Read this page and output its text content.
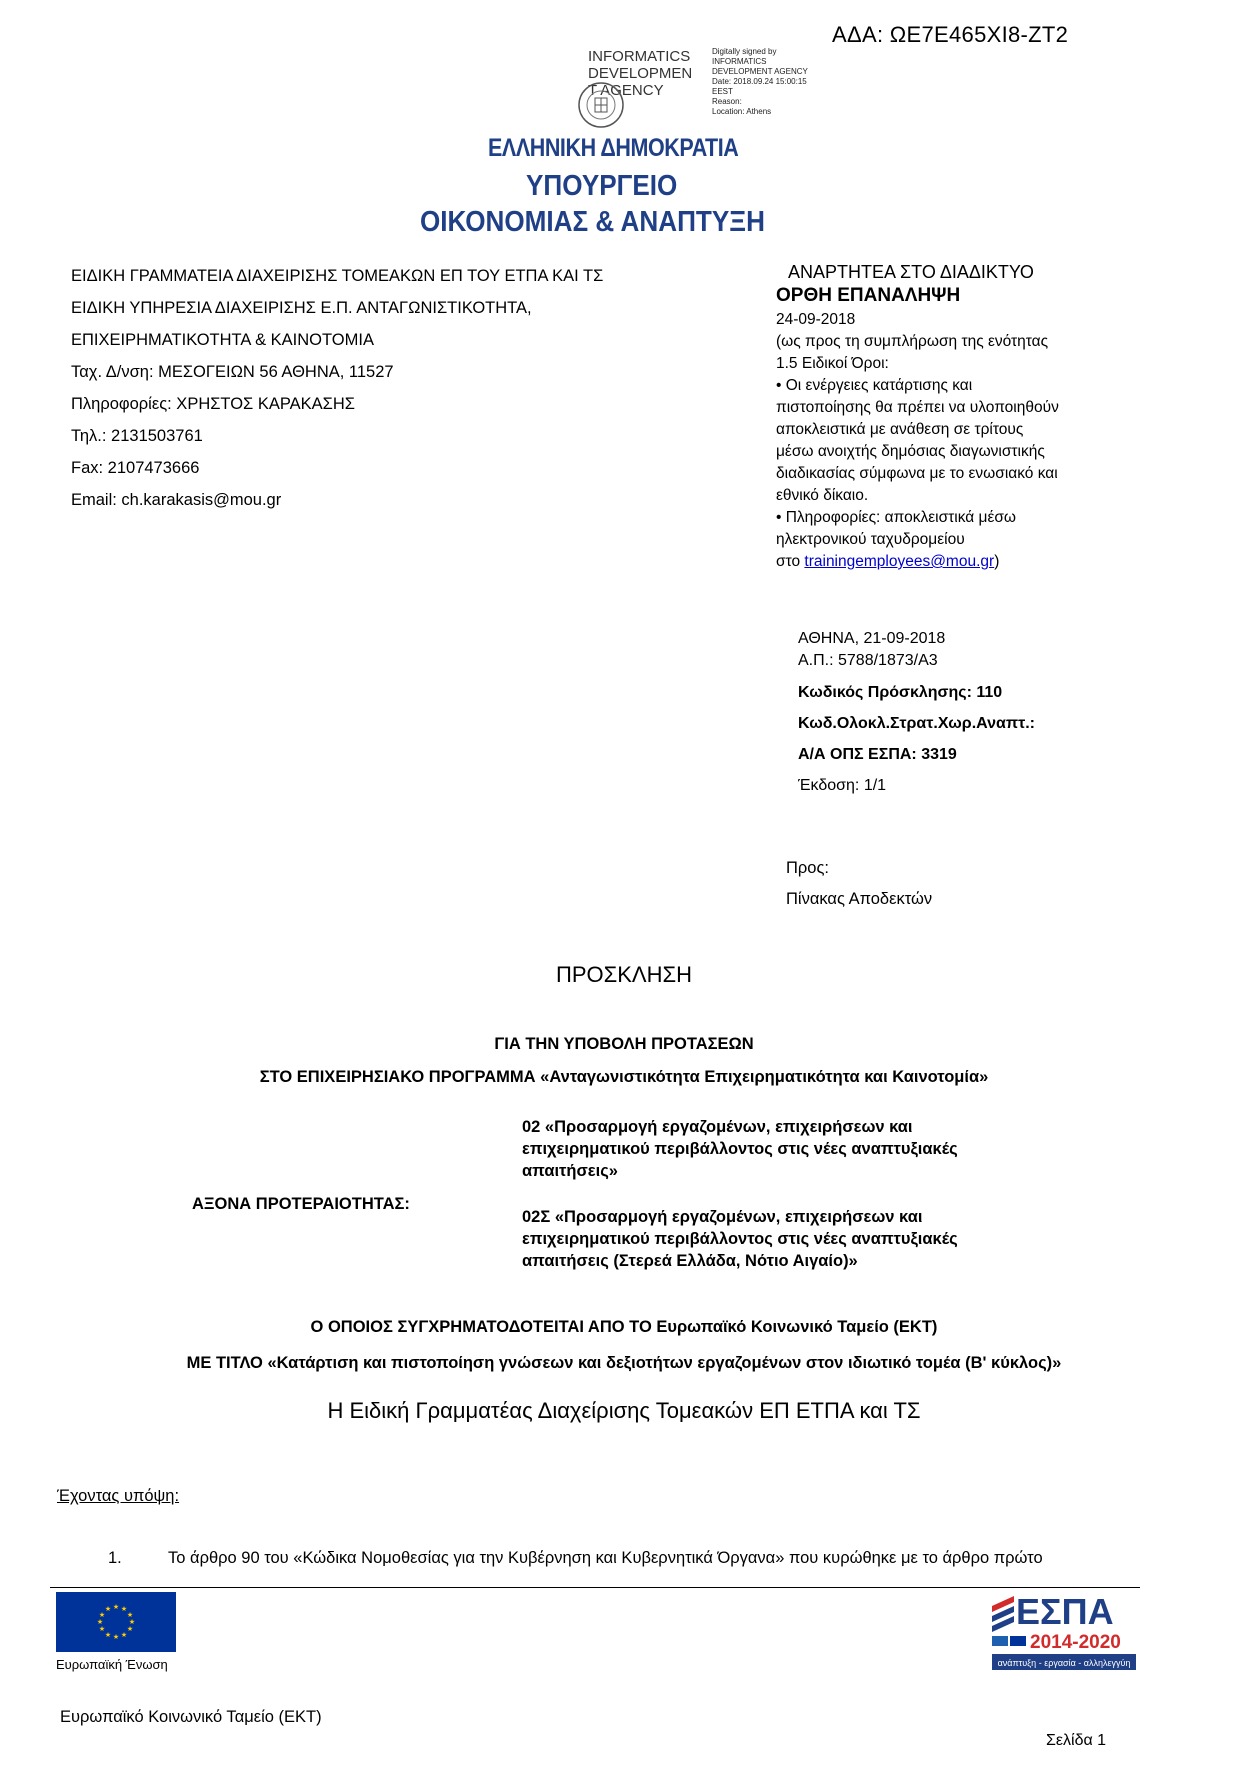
ΑΔΑ: ΩΕ7Ε465ΧΙ8-ΖΤ2
INFORMATICS
DEVELOPMEN
T AGENCY
Digitally signed by
INFORMATICS
DEVELOPMENT AGENCY
Date: 2018.09.24 15:00:15
EEST
Reason:
Location: Athens
ΕΛΛΗΝΙΚΗ ΔΗΜΟΚΡΑΤΙΑ
ΥΠΟΥΡΓΕΙΟ
ΟΙΚΟΝΟΜΙΑΣ & ΑΝΑΠΤΥΞΗ
ΕΙΔΙΚΗ ΓΡΑΜΜΑΤΕΙΑ ΔΙΑΧΕΙΡΙΣΗΣ ΤΟΜΕΑΚΩΝ ΕΠ ΤΟΥ ΕΤΠΑ ΚΑΙ ΤΣ
ΕΙΔΙΚΗ ΥΠΗΡΕΣΙΑ ΔΙΑΧΕΙΡΙΣΗΣ Ε.Π. ΑΝΤΑΓΩΝΙΣΤΙΚΟΤΗΤΑ,
ΕΠΙΧΕΙΡΗΜΑΤΙΚΟΤΗΤΑ & ΚΑΙΝΟΤΟΜΙΑ
Ταχ. Δ/νση: ΜΕΣΟΓΕΙΩΝ 56 ΑΘΗΝΑ, 11527
Πληροφορίες: ΧΡΗΣΤΟΣ ΚΑΡΑΚΑΣΗΣ
Τηλ.: 2131503761
Fax: 2107473666
Email: ch.karakasis@mou.gr
ΑΝΑΡΤΗΤΕΑ ΣΤΟ ΔΙΑΔΙΚΤΥΟ
ΟΡΘΗ ΕΠΑΝΑΛΗΨΗ
24-09-2018
(ως προς τη συμπλήρωση της ενότητας
1.5 Ειδικοί Όροι:
• Οι ενέργειες κατάρτισης και
πιστοποίησης θα πρέπει να υλοποιηθούν
αποκλειστικά με ανάθεση σε τρίτους
μέσω ανοιχτής δημόσιας διαγωνιστικής
διαδικασίας σύμφωνα με το ενωσιακό και
εθνικό δίκαιο.
• Πληροφορίες: αποκλειστικά μέσω
ηλεκτρονικού ταχυδρομείου
στο trainingemployees@mou.gr)
ΑΘΗΝΑ, 21-09-2018
Α.Π.: 5788/1873/Α3
Κωδικός Πρόσκλησης: 110
Κωδ.Ολοκλ.Στρατ.Χωρ.Αναπτ.:
Α/Α ΟΠΣ ΕΣΠΑ: 3319
Έκδοση: 1/1
Προς:
Πίνακας Αποδεκτών
ΠΡΟΣΚΛΗΣΗ
ΓΙΑ ΤΗΝ ΥΠΟΒΟΛΗ ΠΡΟΤΑΣΕΩΝ
ΣΤΟ ΕΠΙΧΕΙΡΗΣΙΑΚΟ ΠΡΟΓΡΑΜΜΑ «Ανταγωνιστικότητα Επιχειρηματικότητα και Καινοτομία»
ΑΞΟΝΑ ΠΡΟΤΕΡΑΙΟΤΗΤΑΣ:
02 «Προσαρμογή εργαζομένων, επιχειρήσεων και επιχειρηματικού περιβάλλοντος στις νέες αναπτυξιακές απαιτήσεις»
02Σ «Προσαρμογή εργαζομένων, επιχειρήσεων και επιχειρηματικού περιβάλλοντος στις νέες αναπτυξιακές απαιτήσεις (Στερεά Ελλάδα, Νότιο Αιγαίο)»
Ο ΟΠΟΙΟΣ ΣΥΓΧΡΗΜΑΤΟΔΟΤΕΙΤΑΙ ΑΠΟ ΤΟ Ευρωπαϊκό Κοινωνικό Ταμείο (ΕΚΤ)
ΜΕ ΤΙΤΛΟ «Κατάρτιση και πιστοποίηση γνώσεων και δεξιοτήτων εργαζομένων στον ιδιωτικό τομέα (Β' κύκλος)»
Η Ειδική Γραμματέας Διαχείρισης Τομεακών ΕΠ ΕΤΠΑ και ΤΣ
Έχοντας υπόψη:
1.	Το άρθρο 90 του «Κώδικα Νομοθεσίας για την Κυβέρνηση και Κυβερνητικά Όργανα» που κυρώθηκε με το άρθρο πρώτο
★ ★
★
★
★
★
★
★
★
★
★
★
Ευρωπαϊκή Ένωση
ΕΣΠΑ
2014-2020
ανάπτυξη - εργασία - αλληλεγγύη
Ευρωπαϊκό Κοινωνικό Ταμείο (ΕΚΤ)
Σελίδα 1
